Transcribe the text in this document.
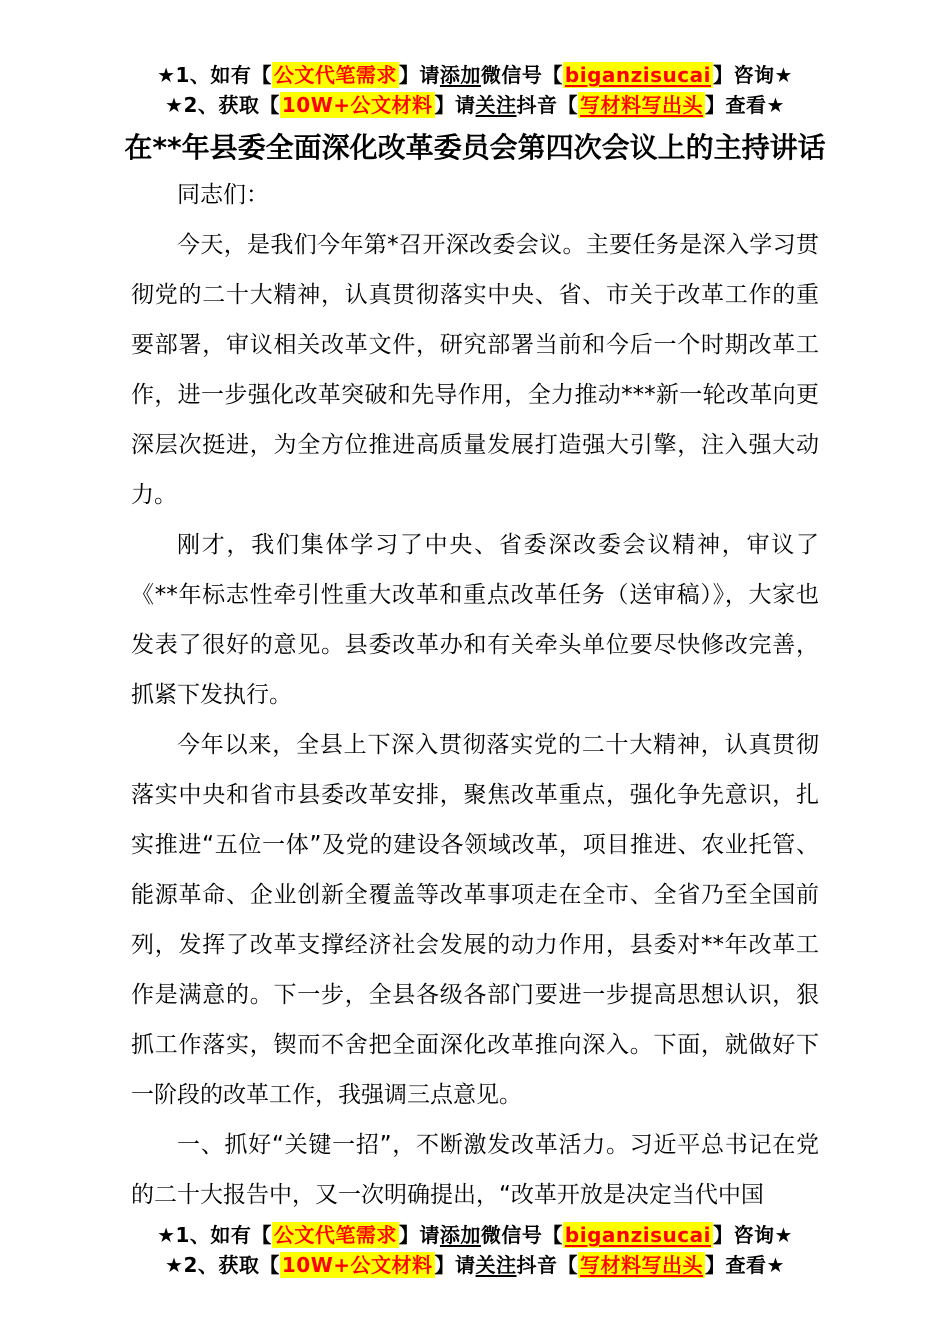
★1、如有【 公文代笔需求 】请添加微信号【 biganzisucai 】咨询★
★2、获取【 10W+公文材料 】请关注抖音【 写材料写出头 】查看★
在**年县委全面深化改革委员会第四次会议上的主持讲话

同志们：

今天，是我们今年第*召开深改委会议。主要任务是深入学习贯彻党的二十大精神，认真贯彻落实中央、省、市关于改革工作的重要部署，审议相关改革文件，研究部署当前和今后一个时期改革工作，进一步强化改革突破和先导作用，全力推动***新一轮改革向更深层次挺进，为全方位推进高质量发展打造强大引擎，注入强大动力。

刚才，我们集体学习了中央、省委深改委会议精神，审议了《**年标志性牵引性重大改革和重点改革任务（送审稿）》，大家也发表了很好的意见。县委改革办和有关牵头单位要尽快修改完善，抓紧下发执行。

今年以来，全县上下深入贯彻落实党的二十大精神，认真贯彻落实中央和省市县委改革安排，聚焦改革重点，强化争先意识，扎实推进“五位一体”及党的建设各领域改革，项目推进、农业托管、能源革命、企业创新全覆盖等改革事项走在全市、全省乃至全国前列，发挥了改革支撑经济社会发展的动力作用，县委对**年改革工作是满意的。下一步，全县各级各部门要进一步提高思想认识，狠抓工作落实，锲而不舍把全面深化改革推向深入。下面，就做好下一阶段的改革工作，我强调三点意见。

一、抓好“关键一招”，不断激发改革活力。习近平总书记在党的二十大报告中，又一次明确提出，“改革开放是决定当代中国

★1、如有【 公文代笔需求 】请添加微信号【 biganzisucai 】咨询★
★2、获取【 10W+公文材料 】请关注抖音【 写材料写出头 】查看★
